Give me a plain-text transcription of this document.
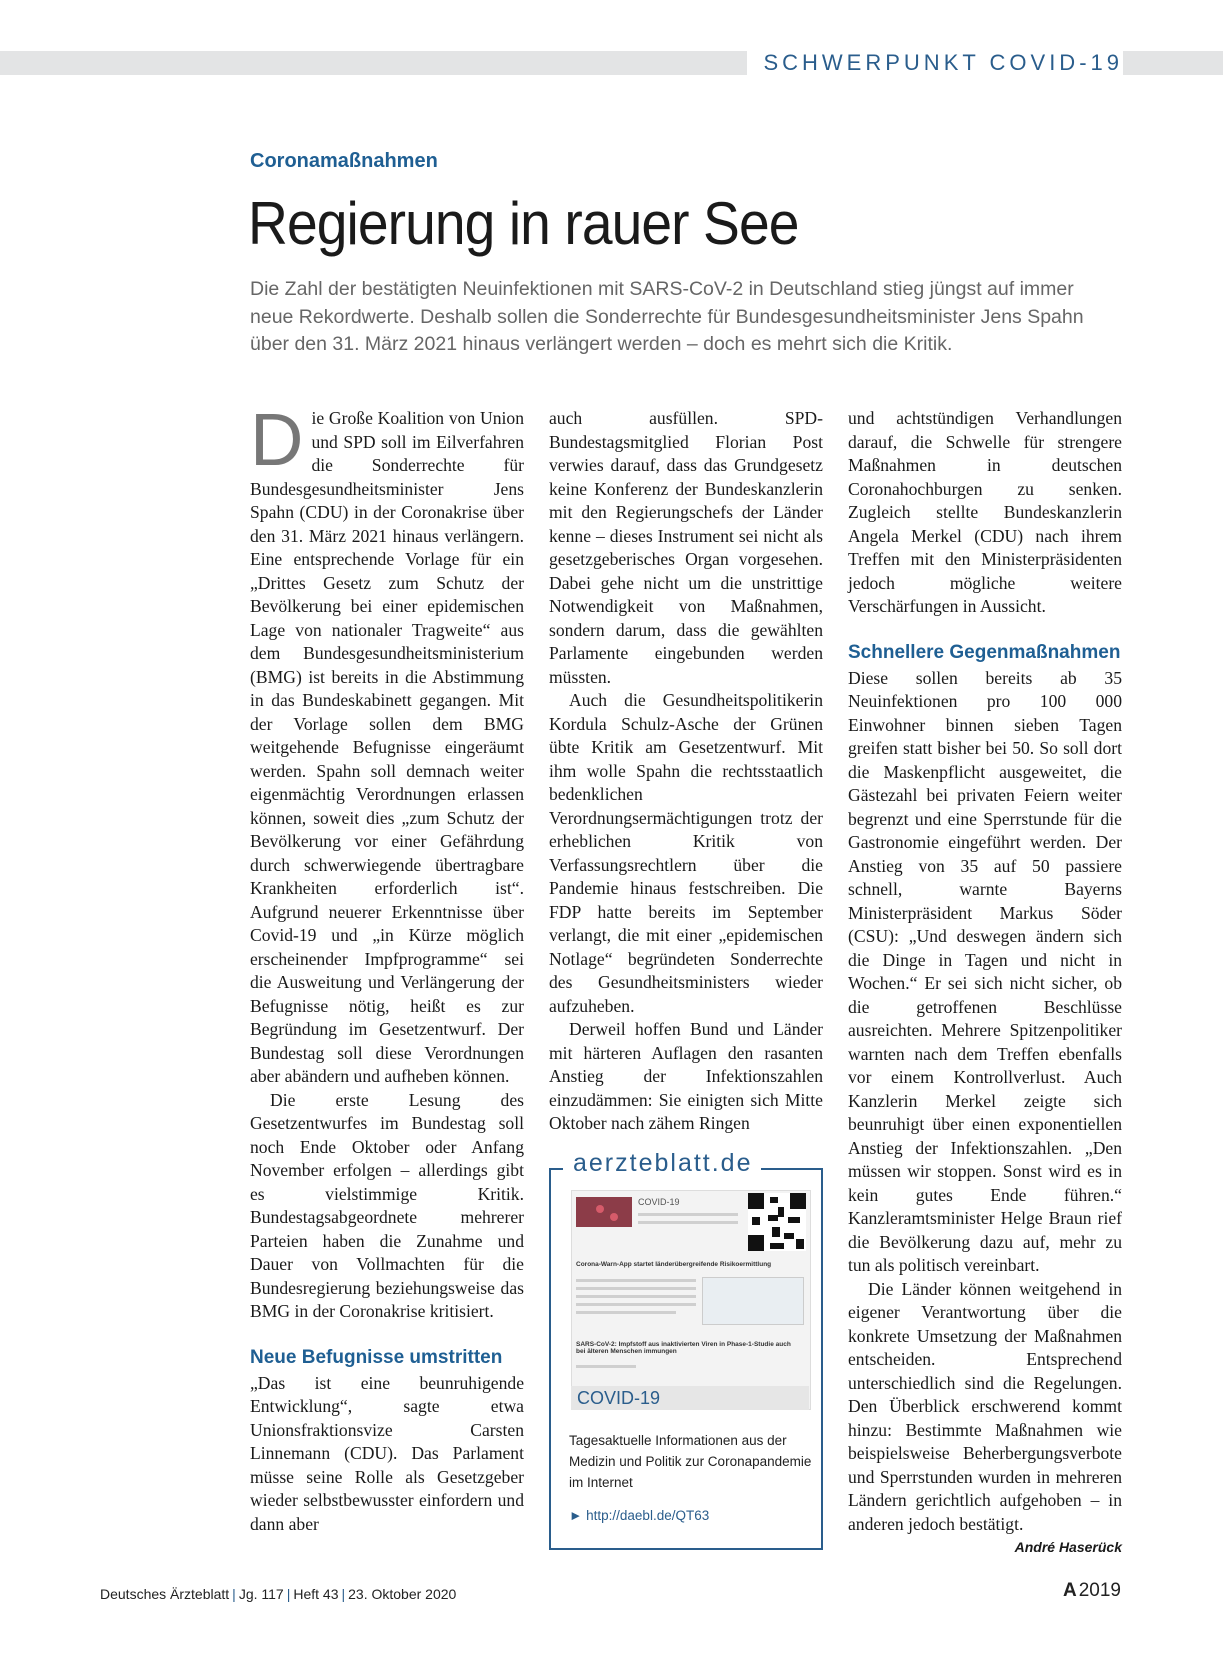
SCHWERPUNKT COVID-19
Coronamaßnahmen
Regierung in rauer See
Die Zahl der bestätigten Neuinfektionen mit SARS-CoV-2 in Deutschland stieg jüngst auf immer neue Rekordwerte. Deshalb sollen die Sonderrechte für Bundesgesundheitsminister Jens Spahn über den 31. März 2021 hinaus verlängert werden – doch es mehrt sich die Kritik.
D ie Große Koalition von Union und SPD soll im Eilverfahren die Sonderrechte für Bundesgesundheitsminister Jens Spahn (CDU) in der Coronakrise über den 31. März 2021 hinaus verlängern. Eine entsprechende Vorlage für ein „Drittes Gesetz zum Schutz der Bevölkerung bei einer epidemischen Lage von nationaler Tragweite“ aus dem Bundesgesundheitsministerium (BMG) ist bereits in die Abstimmung in das Bundeskabinett gegangen. Mit der Vorlage sollen dem BMG weitgehende Befugnisse eingeräumt werden. Spahn soll demnach weiter eigenmächtig Verordnungen erlassen können, soweit dies „zum Schutz der Bevölkerung vor einer Gefährdung durch schwerwiegende übertragbare Krankheiten erforderlich ist“. Aufgrund neuerer Erkenntnisse über Covid-19 und „in Kürze möglich erscheinender Impfprogramme“ sei die Ausweitung und Verlängerung der Befugnisse nötig, heißt es zur Begründung im Gesetzentwurf. Der Bundestag soll diese Verordnungen aber abändern und aufheben können.

Die erste Lesung des Gesetzentwurfes im Bundestag soll noch Ende Oktober oder Anfang November erfolgen – allerdings gibt es vielstimmige Kritik. Bundestagsabgeordnete mehrerer Parteien haben die Zunahme und Dauer von Vollmachten für die Bundesregierung beziehungsweise das BMG in der Coronakrise kritisiert.

Neue Befugnisse umstritten

„Das ist eine beunruhigende Entwicklung“, sagte etwa Unionsfraktionsvize Carsten Linnemann (CDU). Das Parlament müsse seine Rolle als Gesetzgeber wieder selbstbewusster einfordern und dann aber

auch ausfüllen. SPD-Bundestagsmitglied Florian Post verwies darauf, dass das Grundgesetz keine Konferenz der Bundeskanzlerin mit den Regierungschefs der Länder kenne – dieses Instrument sei nicht als gesetzgeberisches Organ vorgesehen. Dabei gehe nicht um die unstrittige Notwendigkeit von Maßnahmen, sondern darum, dass die gewählten Parlamente eingebunden werden müssten.

Auch die Gesundheitspolitikerin Kordula Schulz-Asche der Grünen übte Kritik am Gesetzentwurf. Mit ihm wolle Spahn die rechtsstaatlich bedenklichen Verordnungsermächtigungen trotz der erheblichen Kritik von Verfassungsrechtlern über die Pandemie hinaus festschreiben. Die FDP hatte bereits im September verlangt, die mit einer „epidemischen Notlage“ begründeten Sonderrechte des Gesundheitsministers wieder aufzuheben.

Derweil hoffen Bund und Länder mit härteren Auflagen den rasanten Anstieg der Infektionszahlen einzudämmen: Sie einigten sich Mitte Oktober nach zähem Ringen

und achtstündigen Verhandlungen darauf, die Schwelle für strengere Maßnahmen in deutschen Coronahochburgen zu senken. Zugleich stellte Bundeskanzlerin Angela Merkel (CDU) nach ihrem Treffen mit den Ministerpräsidenten jedoch mögliche weitere Verschärfungen in Aussicht.

Schnellere Gegenmaßnahmen

Diese sollen bereits ab 35 Neuinfektionen pro 100 000 Einwohner binnen sieben Tagen greifen statt bisher bei 50. So soll dort die Maskenpflicht ausgeweitet, die Gästezahl bei privaten Feiern weiter begrenzt und eine Sperrstunde für die Gastronomie eingeführt werden. Der Anstieg von 35 auf 50 passiere schnell, warnte Bayerns Ministerpräsident Markus Söder (CSU): „Und deswegen ändern sich die Dinge in Tagen und nicht in Wochen.“ Er sei sich nicht sicher, ob die getroffenen Beschlüsse ausreichten. Mehrere Spitzenpolitiker warnten nach dem Treffen ebenfalls vor einem Kontrollverlust. Auch Kanzlerin Merkel zeigte sich beunruhigt über einen exponentiellen Anstieg der Infektionszahlen. „Den müssen wir stoppen. Sonst wird es in kein gutes Ende führen.“ Kanzleramtsminister Helge Braun rief die Bevölkerung dazu auf, mehr zu tun als politisch vereinbart.

Die Länder können weitgehend in eigener Verantwortung über die konkrete Umsetzung der Maßnahmen entscheiden. Entsprechend unterschiedlich sind die Regelungen. Den Überblick erschwerend kommt hinzu: Bestimmte Maßnahmen wie beispielsweise Beherbergungsverbote und Sperrstunden wurden in mehreren Ländern gerichtlich aufgehoben – in anderen jedoch bestätigt.
André Haserück

aerzteblatt.de
COVID-19
Corona-Warn-App startet länderübergreifende Risikoermittlung
SARS-CoV-2: Impfstoff aus inaktivierten Viren in Phase-1-Studie auch bei älteren Menschen immungen
COVID-19
Tagesaktuelle Informationen aus der Medizin und Politik zur Coronapandemie im Internet
► http://daebl.de/QT63
Deutsches Ärzteblatt | Jg. 117 | Heft 43 | 23. Oktober 2020	A 2019
